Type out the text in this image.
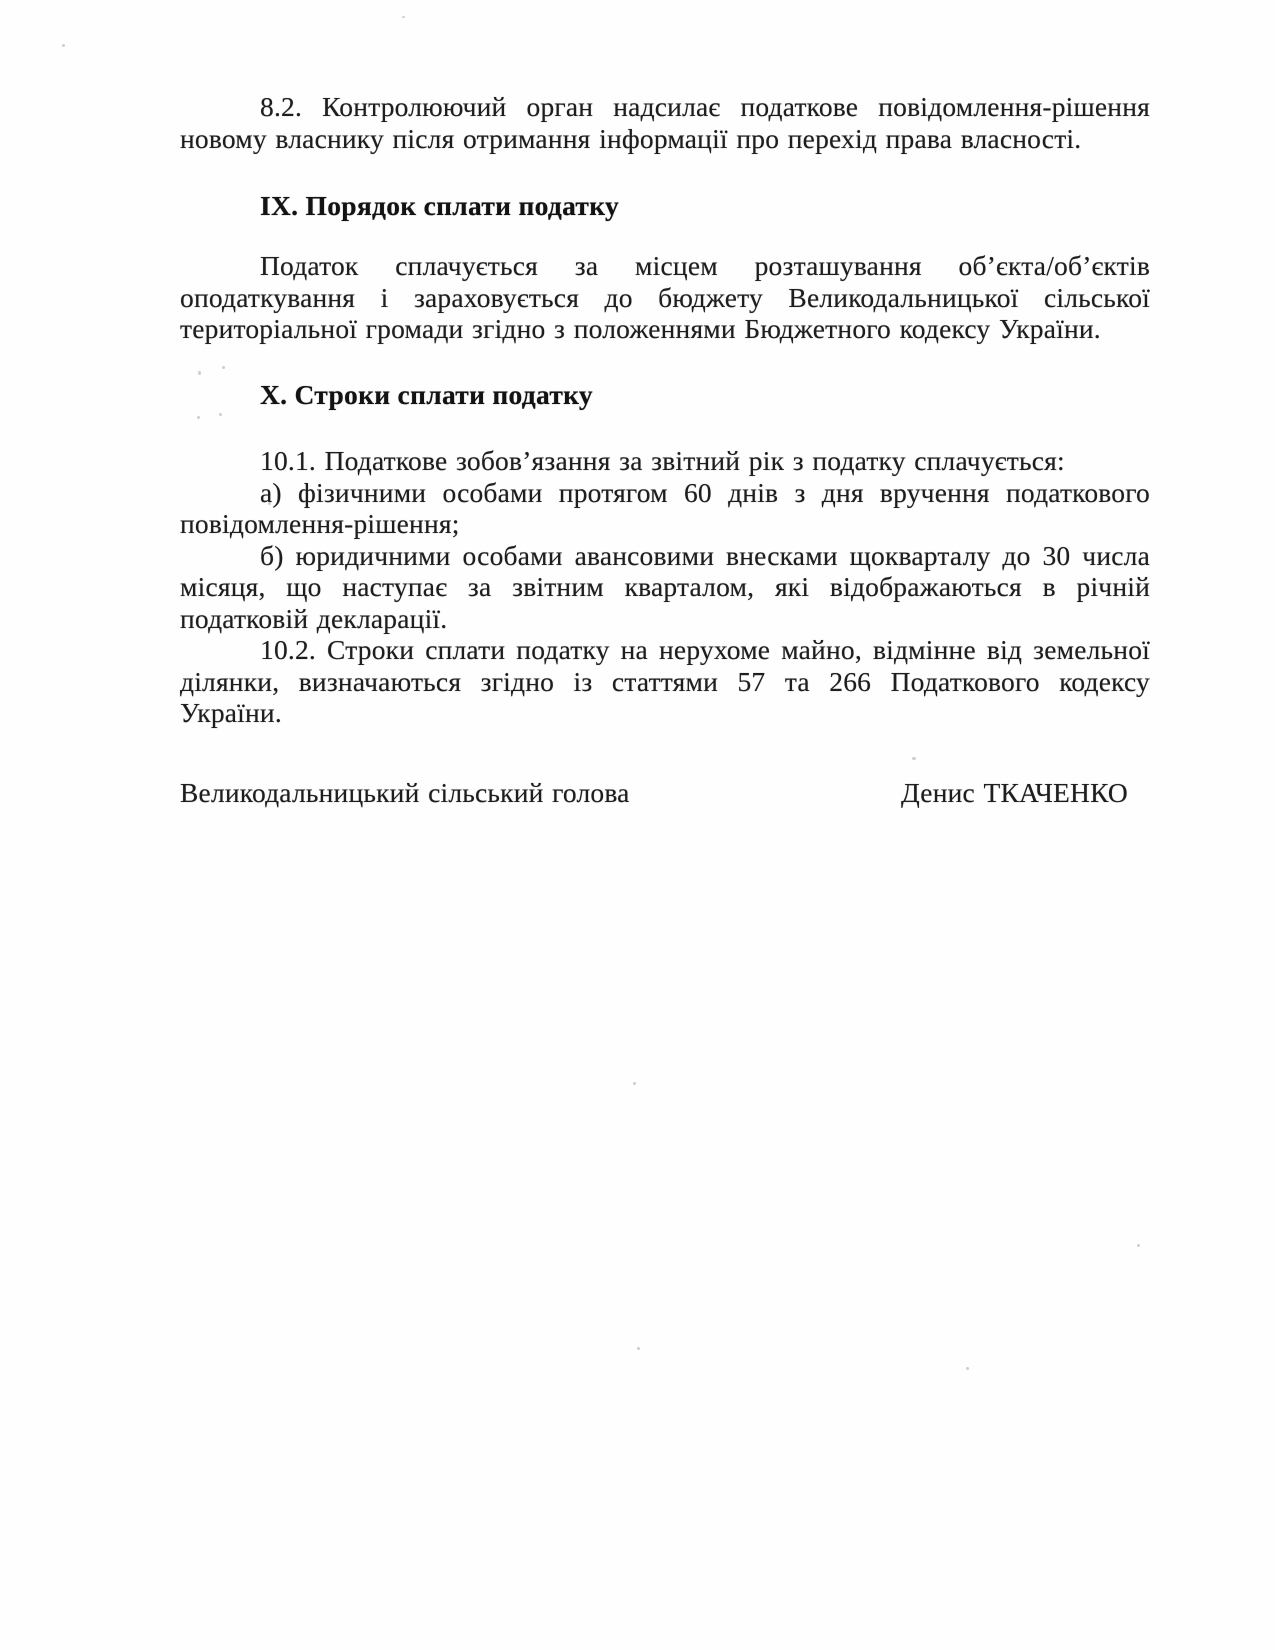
8.2. Контролюючий орган надсилає податкове повідомлення-рішення
новому власнику після отримання інформації про перехід права власності.
IX. Порядок сплати податку
Податок сплачується за місцем розташування об’єкта/об’єктів
оподаткування і зараховується до бюджету Великодальницької сільської
територіальної громади згідно з положеннями Бюджетного кодексу України.
X. Строки сплати податку
10.1. Податкове зобов’язання за звітний рік з податку сплачується:
а) фізичними особами протягом 60 днів з дня вручення податкового
повідомлення-рішення;
б) юридичними особами авансовими внесками щокварталу до 30 числа
місяця, що наступає за звітним кварталом, які відображаються в річній
податковій декларації.
10.2. Строки сплати податку на нерухоме майно, відмінне від земельної
ділянки, визначаються згідно із статтями 57 та 266 Податкового кодексу
України.
Великодальницький сільський голова	Денис ТКАЧЕНКО
